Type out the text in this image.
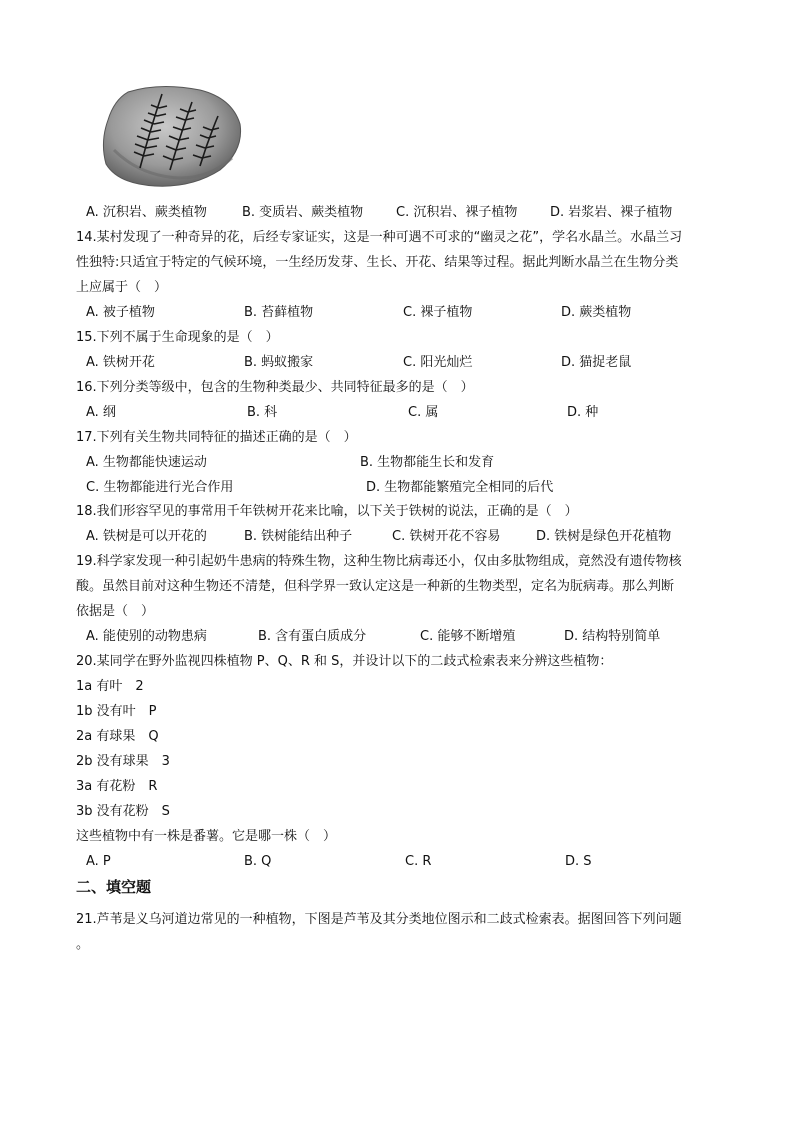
A. 沉积岩、蕨类植物	B. 变质岩、蕨类植物	C. 沉积岩、裸子植物	D. 岩浆岩、裸子植物
14.某村发现了一种奇异的花，后经专家证实，这是一种可遇不可求的“幽灵之花”，学名水晶兰。水晶兰习
性独特:只适宜于特定的气候环境，一生经历发芽、生长、开花、结果等过程。据此判断水晶兰在生物分类
上应属于（　）
A. 被子植物	B. 苔藓植物	C. 裸子植物	D. 蕨类植物
15.下列不属于生命现象的是（　）
A. 铁树开花	B. 蚂蚁搬家	C. 阳光灿烂	D. 猫捉老鼠
16.下列分类等级中，包含的生物种类最少、共同特征最多的是（　）
A. 纲	B. 科	C. 属	D. 种
17.下列有关生物共同特征的描述正确的是（　）
A. 生物都能快速运动	B. 生物都能生长和发育
C. 生物都能进行光合作用	D. 生物都能繁殖完全相同的后代
18.我们形容罕见的事常用千年铁树开花来比喻，以下关于铁树的说法，正确的是（　）
A. 铁树是可以开花的	B. 铁树能结出种子	C. 铁树开花不容易	D. 铁树是绿色开花植物
19.科学家发现一种引起奶牛患病的特殊生物，这种生物比病毒还小，仅由多肽物组成，竟然没有遗传物核
酸。虽然目前对这种生物还不清楚，但科学界一致认定这是一种新的生物类型，定名为朊病毒。那么判断
依据是（　）
A. 能使别的动物患病	B. 含有蛋白质成分	C. 能够不断增殖	D. 结构特别简单
20.某同学在野外监视四株植物 P、Q、R 和 S，并设计以下的二歧式检索表来分辨这些植物：
1a 有叶　2
1b 没有叶　P
2a 有球果　Q
2b 没有球果　3
3a 有花粉　R
3b 没有花粉　S
这些植物中有一株是番薯。它是哪一株（　）
A. P	B. Q	C. R	D. S
二、填空题
21.芦苇是义乌河道边常见的一种植物，下图是芦苇及其分类地位图示和二歧式检索表。据图回答下列问题
。
